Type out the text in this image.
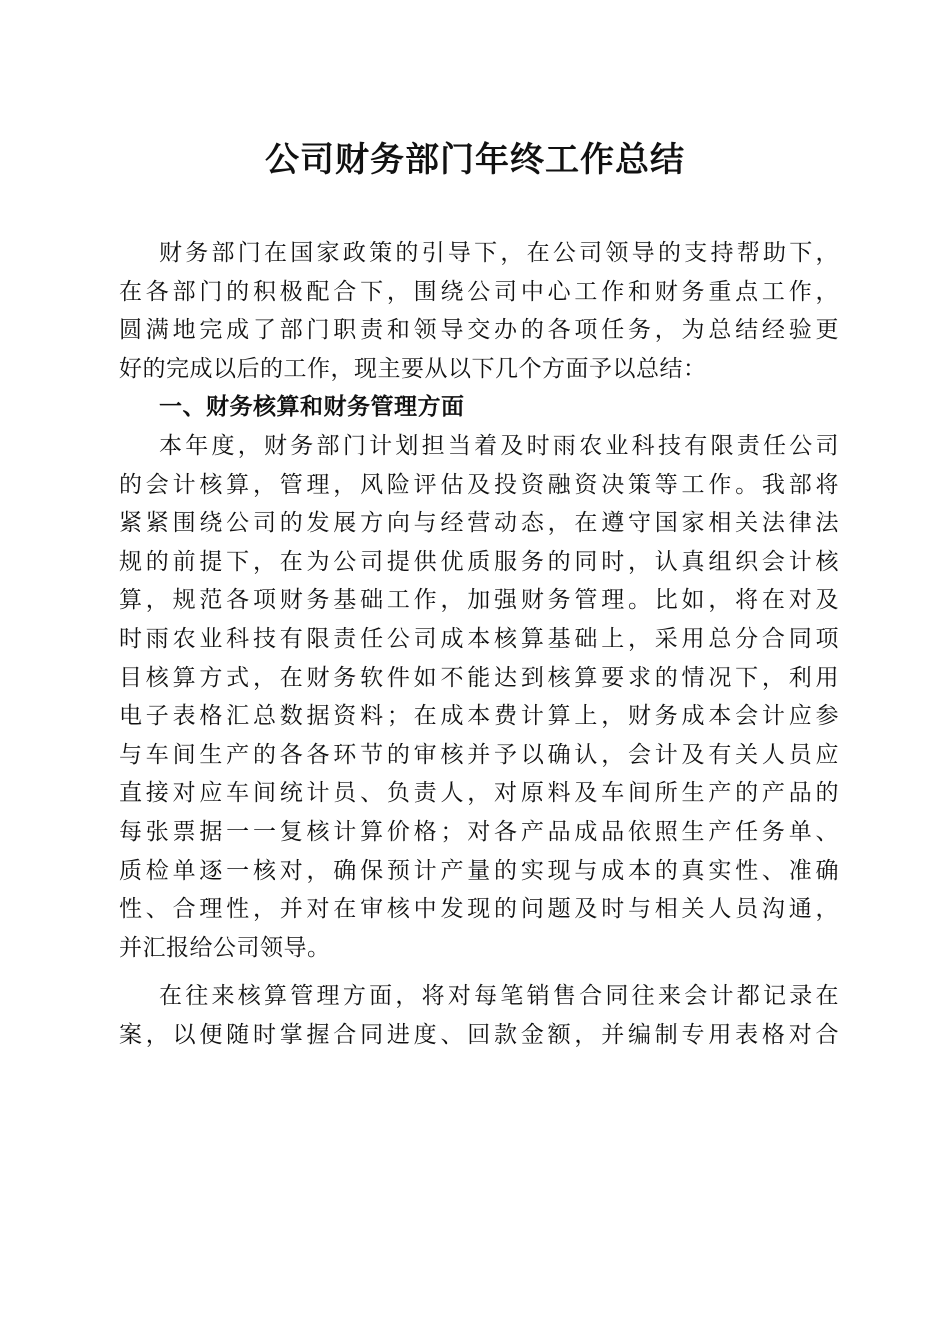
公司财务部门年终工作总结
财务部门在国家政策的引导下，在公司领导的支持帮助下，
在各部门的积极配合下，围绕公司中心工作和财务重点工作，
圆满地完成了部门职责和领导交办的各项任务，为总结经验更
好的完成以后的工作，现主要从以下几个方面予以总结：
一、财务核算和财务管理方面
本年度，财务部门计划担当着及时雨农业科技有限责任公司
的会计核算，管理，风险评估及投资融资决策等工作。我部将
紧紧围绕公司的发展方向与经营动态，在遵守国家相关法律法
规的前提下，在为公司提供优质服务的同时，认真组织会计核
算，规范各项财务基础工作，加强财务管理。比如，将在对及
时雨农业科技有限责任公司成本核算基础上，采用总分合同项
目核算方式，在财务软件如不能达到核算要求的情况下，利用
电子表格汇总数据资料；在成本费计算上，财务成本会计应参
与车间生产的各各环节的审核并予以确认，会计及有关人员应
直接对应车间统计员、负责人，对原料及车间所生产的产品的
每张票据一一复核计算价格；对各产品成品依照生产任务单、
质检单逐一核对，确保预计产量的实现与成本的真实性、准确
性、合理性，并对在审核中发现的问题及时与相关人员沟通，
并汇报给公司领导。
在往来核算管理方面，将对每笔销售合同往来会计都记录在
案，以便随时掌握合同进度、回款金额，并编制专用表格对合
